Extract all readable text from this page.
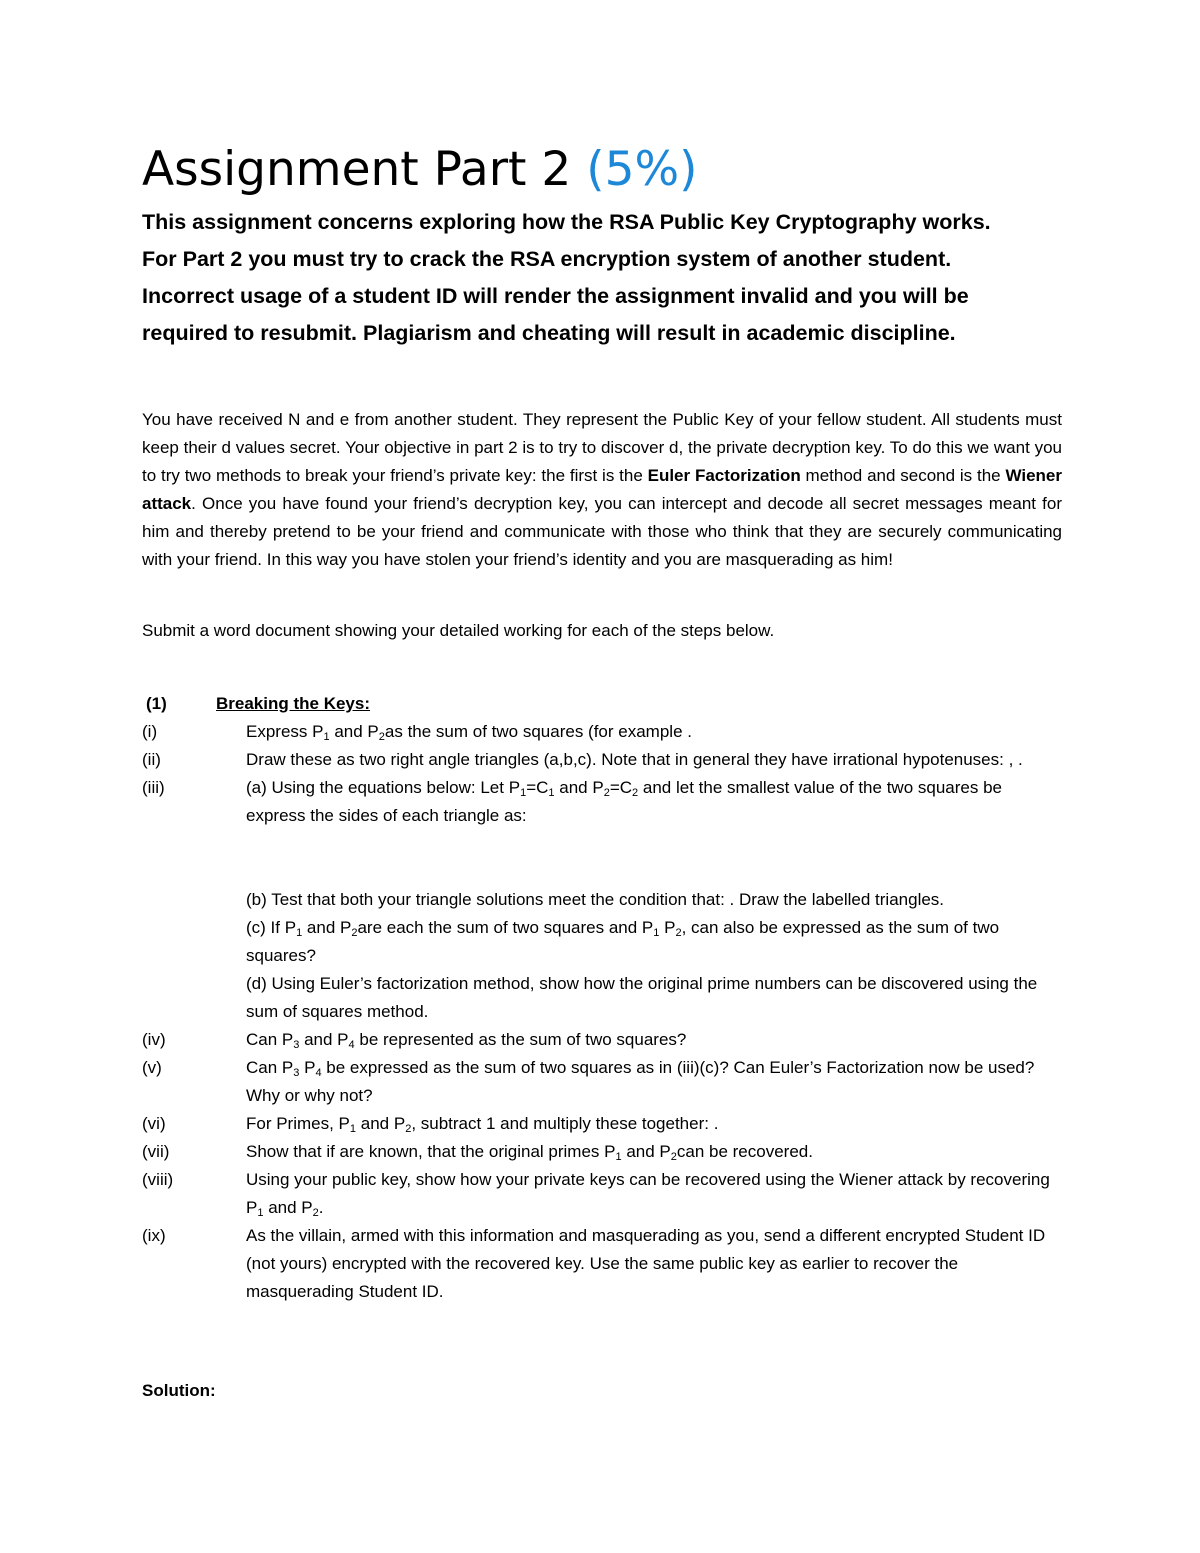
Assignment Part 2 (5%)

This assignment concerns exploring how the RSA Public Key Cryptography works.

For Part 2 you must try to crack the RSA encryption system of another student.

Incorrect usage of a student ID will render the assignment invalid and you will be

required to resubmit. Plagiarism and cheating will result in academic discipline.

You have received N and e from another student. They represent the Public Key of your fellow student. All students must keep their d values secret. Your objective in part 2 is to try to discover d, the private decryption key. To do this we want you to try two methods to break your friend’s private key: the first is the Euler Factorization method and second is the Wiener attack. Once you have found your friend’s decryption key, you can intercept and decode all secret messages meant for him and thereby pretend to be your friend and communicate with those who think that they are securely communicating with your friend. In this way you have stolen your friend’s identity and you are masquerading as him!

Submit a word document showing your detailed working for each of the steps below.
(1)	Breaking the Keys:
(i)	Express $P_1$ and $P_2as$ the sum of two squares (for example .
(ii)	Draw these as two right angle triangles (a,b,c). Note that in general they have irrational hypotenuses: , .
(iii)	(a) Using the equations below: Let $P_1=C_1$ and $P_2=C_2$ and let the smallest value of the two squares be express the sides of each triangle as:
(b) Test that both your triangle solutions meet the condition that: . Draw the labelled triangles.
(c) If $P_1$ and $P_2are$ each the sum of two squares and $P_1$ $P_2$, can also be expressed as the sum of two squares?
(d) Using Euler’s factorization method, show how the original prime numbers can be discovered using the sum of squares method.
(iv)	Can $P_3$ and $P_4$ be represented as the sum of two squares?
(v)	Can $P_3$ $P_4$ be expressed as the sum of two squares as in (iii)(c)? Can Euler’s Factorization now be used? Why or why not?
(vi)	For Primes, $P_1$ and $P_2$, subtract 1 and multiply these together: .
(vii)	Show that if are known, that the original primes $P_1$ and $P_2can$ be recovered.
(viii)	Using your public key, show how your private keys can be recovered using the Wiener attack by recovering $P_1$ and $P_2$.
(ix)	As the villain, armed with this information and masquerading as you, send a different encrypted Student ID (not yours) encrypted with the recovered key. Use the same public key as earlier to recover the masquerading Student ID.
Solution:
